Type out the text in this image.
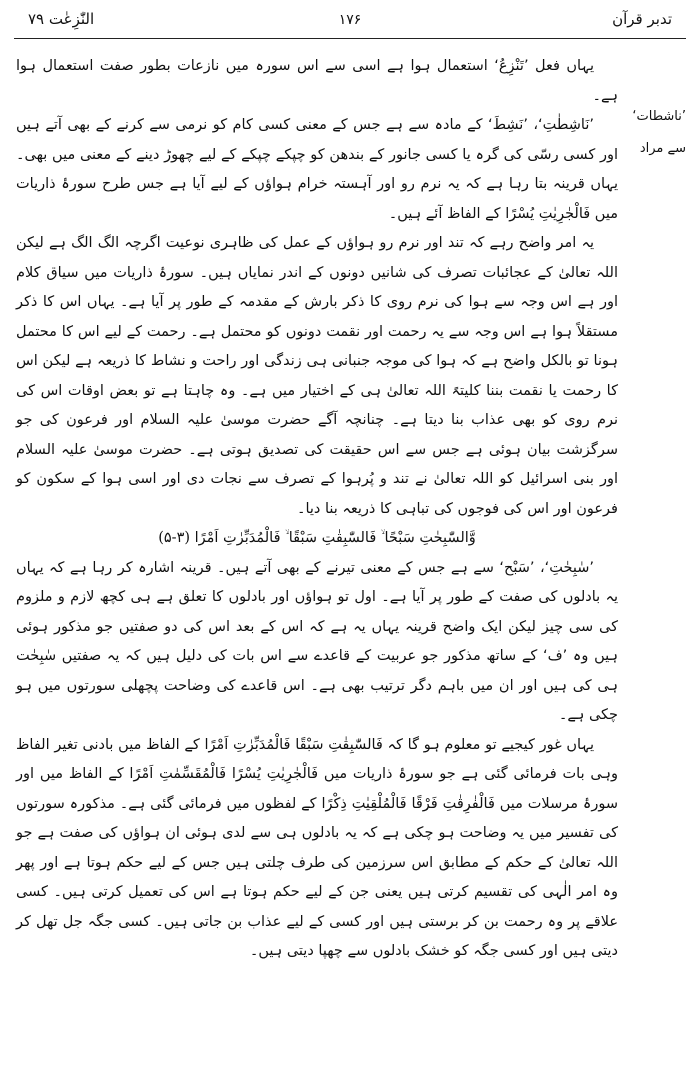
تدبر قرآن
۱۷۶
النّٰزِعٰت ۷۹
’ناشطات‘
سے مراد

یہاں فعل ’تَنْزِعُ‘ استعمال ہوا ہے اسی سے اس سورہ میں نازعات بطور صفت استعمال ہوا ہے۔

’نَاشِطٰتِ‘، ’نَشِطَ‘ کے مادہ سے ہے جس کے معنی کسی کام کو نرمی سے کرنے کے بھی آتے ہیں اور کسی رسّی کی گرہ یا کسی جانور کے بندھن کو چپکے چپکے کے لیے چھوڑ دینے کے معنی میں بھی۔ یہاں قرینہ بتا رہا ہے کہ یہ نرم رو اور آہستہ خرام ہواؤں کے لیے آیا ہے جس طرح سورۂ ذاریات میں فَالْجٰرِیٰتِ یُسْرًا کے الفاظ آئے ہیں۔

یہ امر واضح رہے کہ تند اور نرم رو ہواؤں کے عمل کی ظاہری نوعیت اگرچہ الگ الگ ہے لیکن اللہ تعالیٰ کے عجائبات تصرف کی شانیں دونوں کے اندر نمایاں ہیں۔ سورۂ ذاریات میں سیاق کلام اور ہے اس وجہ سے ہوا کی نرم روی کا ذکر بارش کے مقدمہ کے طور پر آیا ہے۔ یہاں اس کا ذکر مستقلاً ہوا ہے اس وجہ سے یہ رحمت اور نقمت دونوں کو محتمل ہے۔ رحمت کے لیے اس کا محتمل ہونا تو بالکل واضح ہے کہ ہوا کی موجہ جنبانی ہی زندگی اور راحت و نشاط کا ذریعہ ہے لیکن اس کا رحمت یا نقمت بننا کلیتہً اللہ تعالیٰ ہی کے اختیار میں ہے۔ وہ چاہتا ہے تو بعض اوقات اس کی نرم روی کو بھی عذاب بنا دیتا ہے۔ چنانچہ آگے حضرت موسیٰ علیہ السلام اور فرعون کی جو سرگزشت بیان ہوئی ہے جس سے اس حقیقت کی تصدیق ہوتی ہے۔ حضرت موسیٰ علیہ السلام اور بنی اسرائیل کو اللہ تعالیٰ نے تند و پُرہوا کے تصرف سے نجات دی اور اسی ہوا کے سکون کو فرعون اور اس کی فوجوں کی تباہی کا ذریعہ بنا دیا۔

وَّالسّٰبِحٰتِ سَبْحًا ۙ فَالسّٰبِقٰتِ سَبْقًا ۙ فَالْمُدَبِّرٰتِ اَمْرًا (۳-۵)

’سٰبِحٰتِ‘، ’سَبْح‘ سے ہے جس کے معنی تیرنے کے بھی آتے ہیں۔ قرینہ اشارہ کر رہا ہے کہ یہاں یہ بادلوں کی صفت کے طور پر آیا ہے۔ اول تو ہواؤں اور بادلوں کا تعلق ہے ہی کچھ لازم و ملزوم کی سی چیز لیکن ایک واضح قرینہ یہاں یہ ہے کہ اس کے بعد اس کی دو صفتیں جو مذکور ہوئی ہیں وہ ’ف‘ کے ساتھ مذکور جو عربیت کے قاعدے سے اس بات کی دلیل ہیں کہ یہ صفتیں سٰبِحٰت ہی کی ہیں اور ان میں باہم دگر ترتیب بھی ہے۔ اس قاعدے کی وضاحت پچھلی سورتوں میں ہو چکی ہے۔

یہاں غور کیجیے تو معلوم ہو گا کہ فَالسّٰبِقٰتِ سَبْقًا فَالْمُدَبِّرٰتِ اَمْرًا کے الفاظ میں بادنی تغیر الفاظ وہی بات فرمائی گئی ہے جو سورۂ ذاریات میں فَالْجٰرِیٰتِ یُسْرًا فَالْمُقَسِّمٰتِ اَمْرًا کے الفاظ میں اور سورۂ مرسلات میں فَالْفٰرِقٰتِ فَرْقًا فَالْمُلْقِیٰتِ ذِکْرًا کے لفظوں میں فرمائی گئی ہے۔ مذکورہ سورتوں کی تفسیر میں یہ وضاحت ہو چکی ہے کہ یہ بادلوں ہی سے لدی ہوئی ان ہواؤں کی صفت ہے جو اللہ تعالیٰ کے حکم کے مطابق اس سرزمین کی طرف چلتی ہیں جس کے لیے حکم ہوتا ہے اور پھر وہ امر الٰہی کی تقسیم کرتی ہیں یعنی جن کے لیے حکم ہوتا ہے اس کی تعمیل کرتی ہیں۔ کسی علاقے پر وہ رحمت بن کر برستی ہیں اور کسی کے لیے عذاب بن جاتی ہیں۔ کسی جگہ جل تھل کر دیتی ہیں اور کسی جگہ کو خشک بادلوں سے چھپا دیتی ہیں۔
